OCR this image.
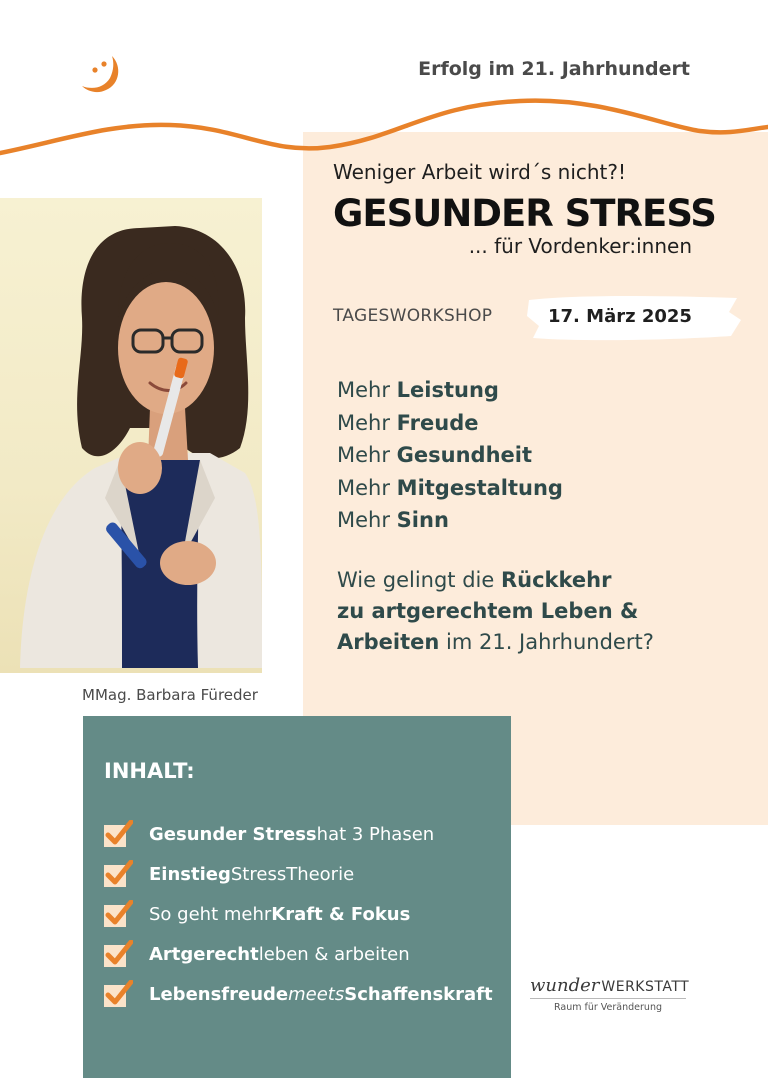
Erfolg im 21. Jahrhundert
MMag. Barbara Füreder
Weniger Arbeit wird´s nicht?!
GESUNDER STRESS
... für Vordenker:innen
TAGESWORKSHOP	17. März 2025
Mehr Leistung
Mehr Freude
Mehr Gesundheit
Mehr Mitgestaltung
Mehr Sinn
Wie gelingt die Rückkehr
zu artgerechtem Leben &
Arbeiten im 21. Jahrhundert?
INHALT:
Gesunder Stress hat 3 Phasen
Einstieg StressTheorie
So geht mehr Kraft & Fokus
Artgerecht leben & arbeiten
Lebensfreude meets Schaffenskraft wunder WERKSTATT
Raum für Veränderung
